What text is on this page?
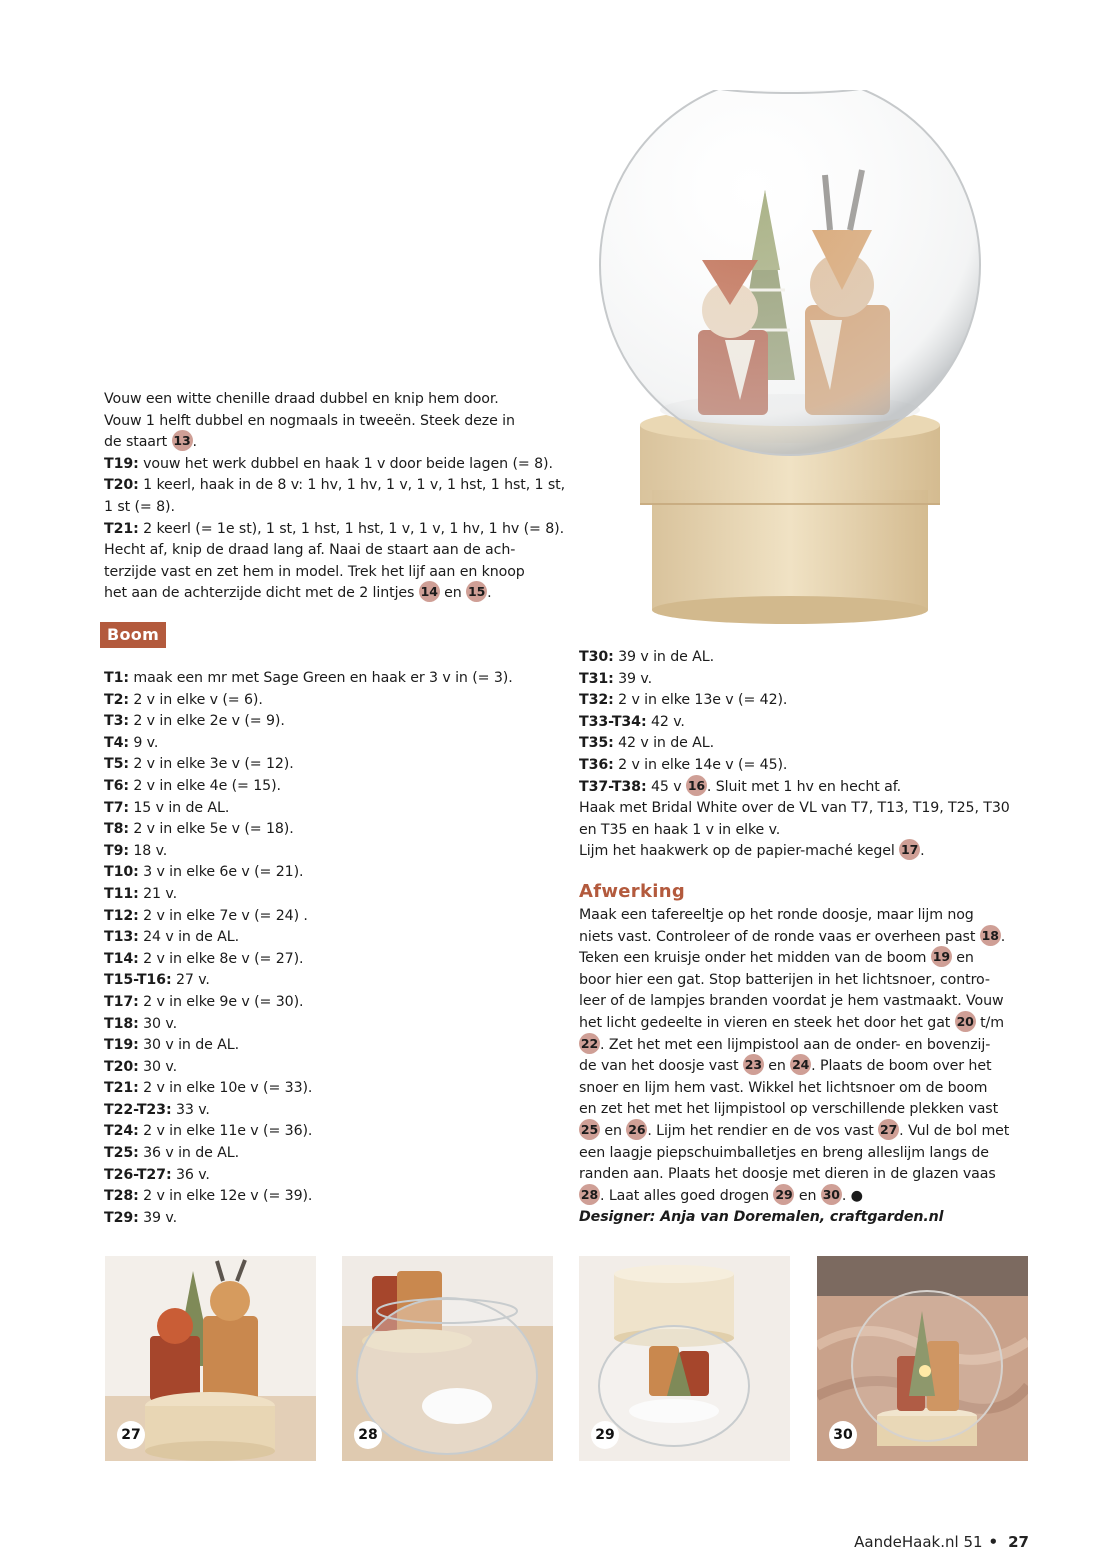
Vouw een witte chenille draad dubbel en knip hem door.
Vouw 1 helft dubbel en nogmaals in tweeën. Steek deze in
de staart 13 .
T19: vouw het werk dubbel en haak 1 v door beide lagen (= 8).
T20: 1 keerl, haak in de 8 v: 1 hv, 1 hv, 1 v, 1 v, 1 hst, 1 hst, 1 st,
1 st (= 8).
T21: 2 keerl (= 1e st), 1 st, 1 hst, 1 hst, 1 v, 1 v, 1 hv, 1 hv (= 8).
Hecht af, knip de draad lang af. Naai de staart aan de ach-
terzijde vast en zet hem in model. Trek het lijf aan en knoop
het aan de achterzijde dicht met de 2 lintjes 14 en 15 .
Boom
T1: maak een mr met Sage Green en haak er 3 v in (= 3).
T2: 2 v in elke v (= 6).
T3: 2 v in elke 2e v (= 9).
T4: 9 v.
T5: 2 v in elke 3e v (= 12).
T6: 2 v in elke 4e (= 15).
T7: 15 v in de AL.
T8: 2 v in elke 5e v (= 18).
T9: 18 v.
T10: 3 v in elke 6e v (= 21).
T11: 21 v.
T12: 2 v in elke 7e v (= 24) .
T13: 24 v in de AL.
T14: 2 v in elke 8e v (= 27).
T15-T16: 27 v.
T17: 2 v in elke 9e v (= 30).
T18: 30 v.
T19: 30 v in de AL.
T20: 30 v.
T21: 2 v in elke 10e v (= 33).
T22-T23: 33 v.
T24: 2 v in elke 11e v (= 36).
T25: 36 v in de AL.
T26-T27: 36 v.
T28: 2 v in elke 12e v (= 39).
T29: 39 v.
T30: 39 v in de AL.
T31: 39 v.
T32: 2 v in elke 13e v (= 42).
T33-T34: 42 v.
T35: 42 v in de AL.
T36: 2 v in elke 14e v (= 45).
T37-T38: 45 v 16 . Sluit met 1 hv en hecht af.
Haak met Bridal White over de VL van T7, T13, T19, T25, T30
en T35 en haak 1 v in elke v.
Lijm het haakwerk op de papier-maché kegel 17 .
Afwerking
Maak een tafereeltje op het ronde doosje, maar lijm nog
niets vast. Controleer of de ronde vaas er overheen past 18 .
Teken een kruisje onder het midden van de boom 19 en
boor hier een gat. Stop batterijen in het lichtsnoer, contro-
leer of de lampjes branden voordat je hem vastmaakt. Vouw
het licht gedeelte in vieren en steek het door het gat 20 t/m
22 . Zet het met een lijmpistool aan de onder- en bovenzij-
de van het doosje vast 23 en 24 . Plaats de boom over het
snoer en lijm hem vast. Wikkel het lichtsnoer om de boom
en zet het met het lijmpistool op verschillende plekken vast
25 en 26 . Lijm het rendier en de vos vast 27 . Vul de bol met
een laagje piepschuimballetjes en breng alleslijm langs de
randen aan. Plaats het doosje met dieren in de glazen vaas
28 . Laat alles goed drogen 29 en 30 . ●
Designer: Anja van Doremalen, craftgarden.nl
27	28	29	30
AandeHaak.nl 51 • 27
